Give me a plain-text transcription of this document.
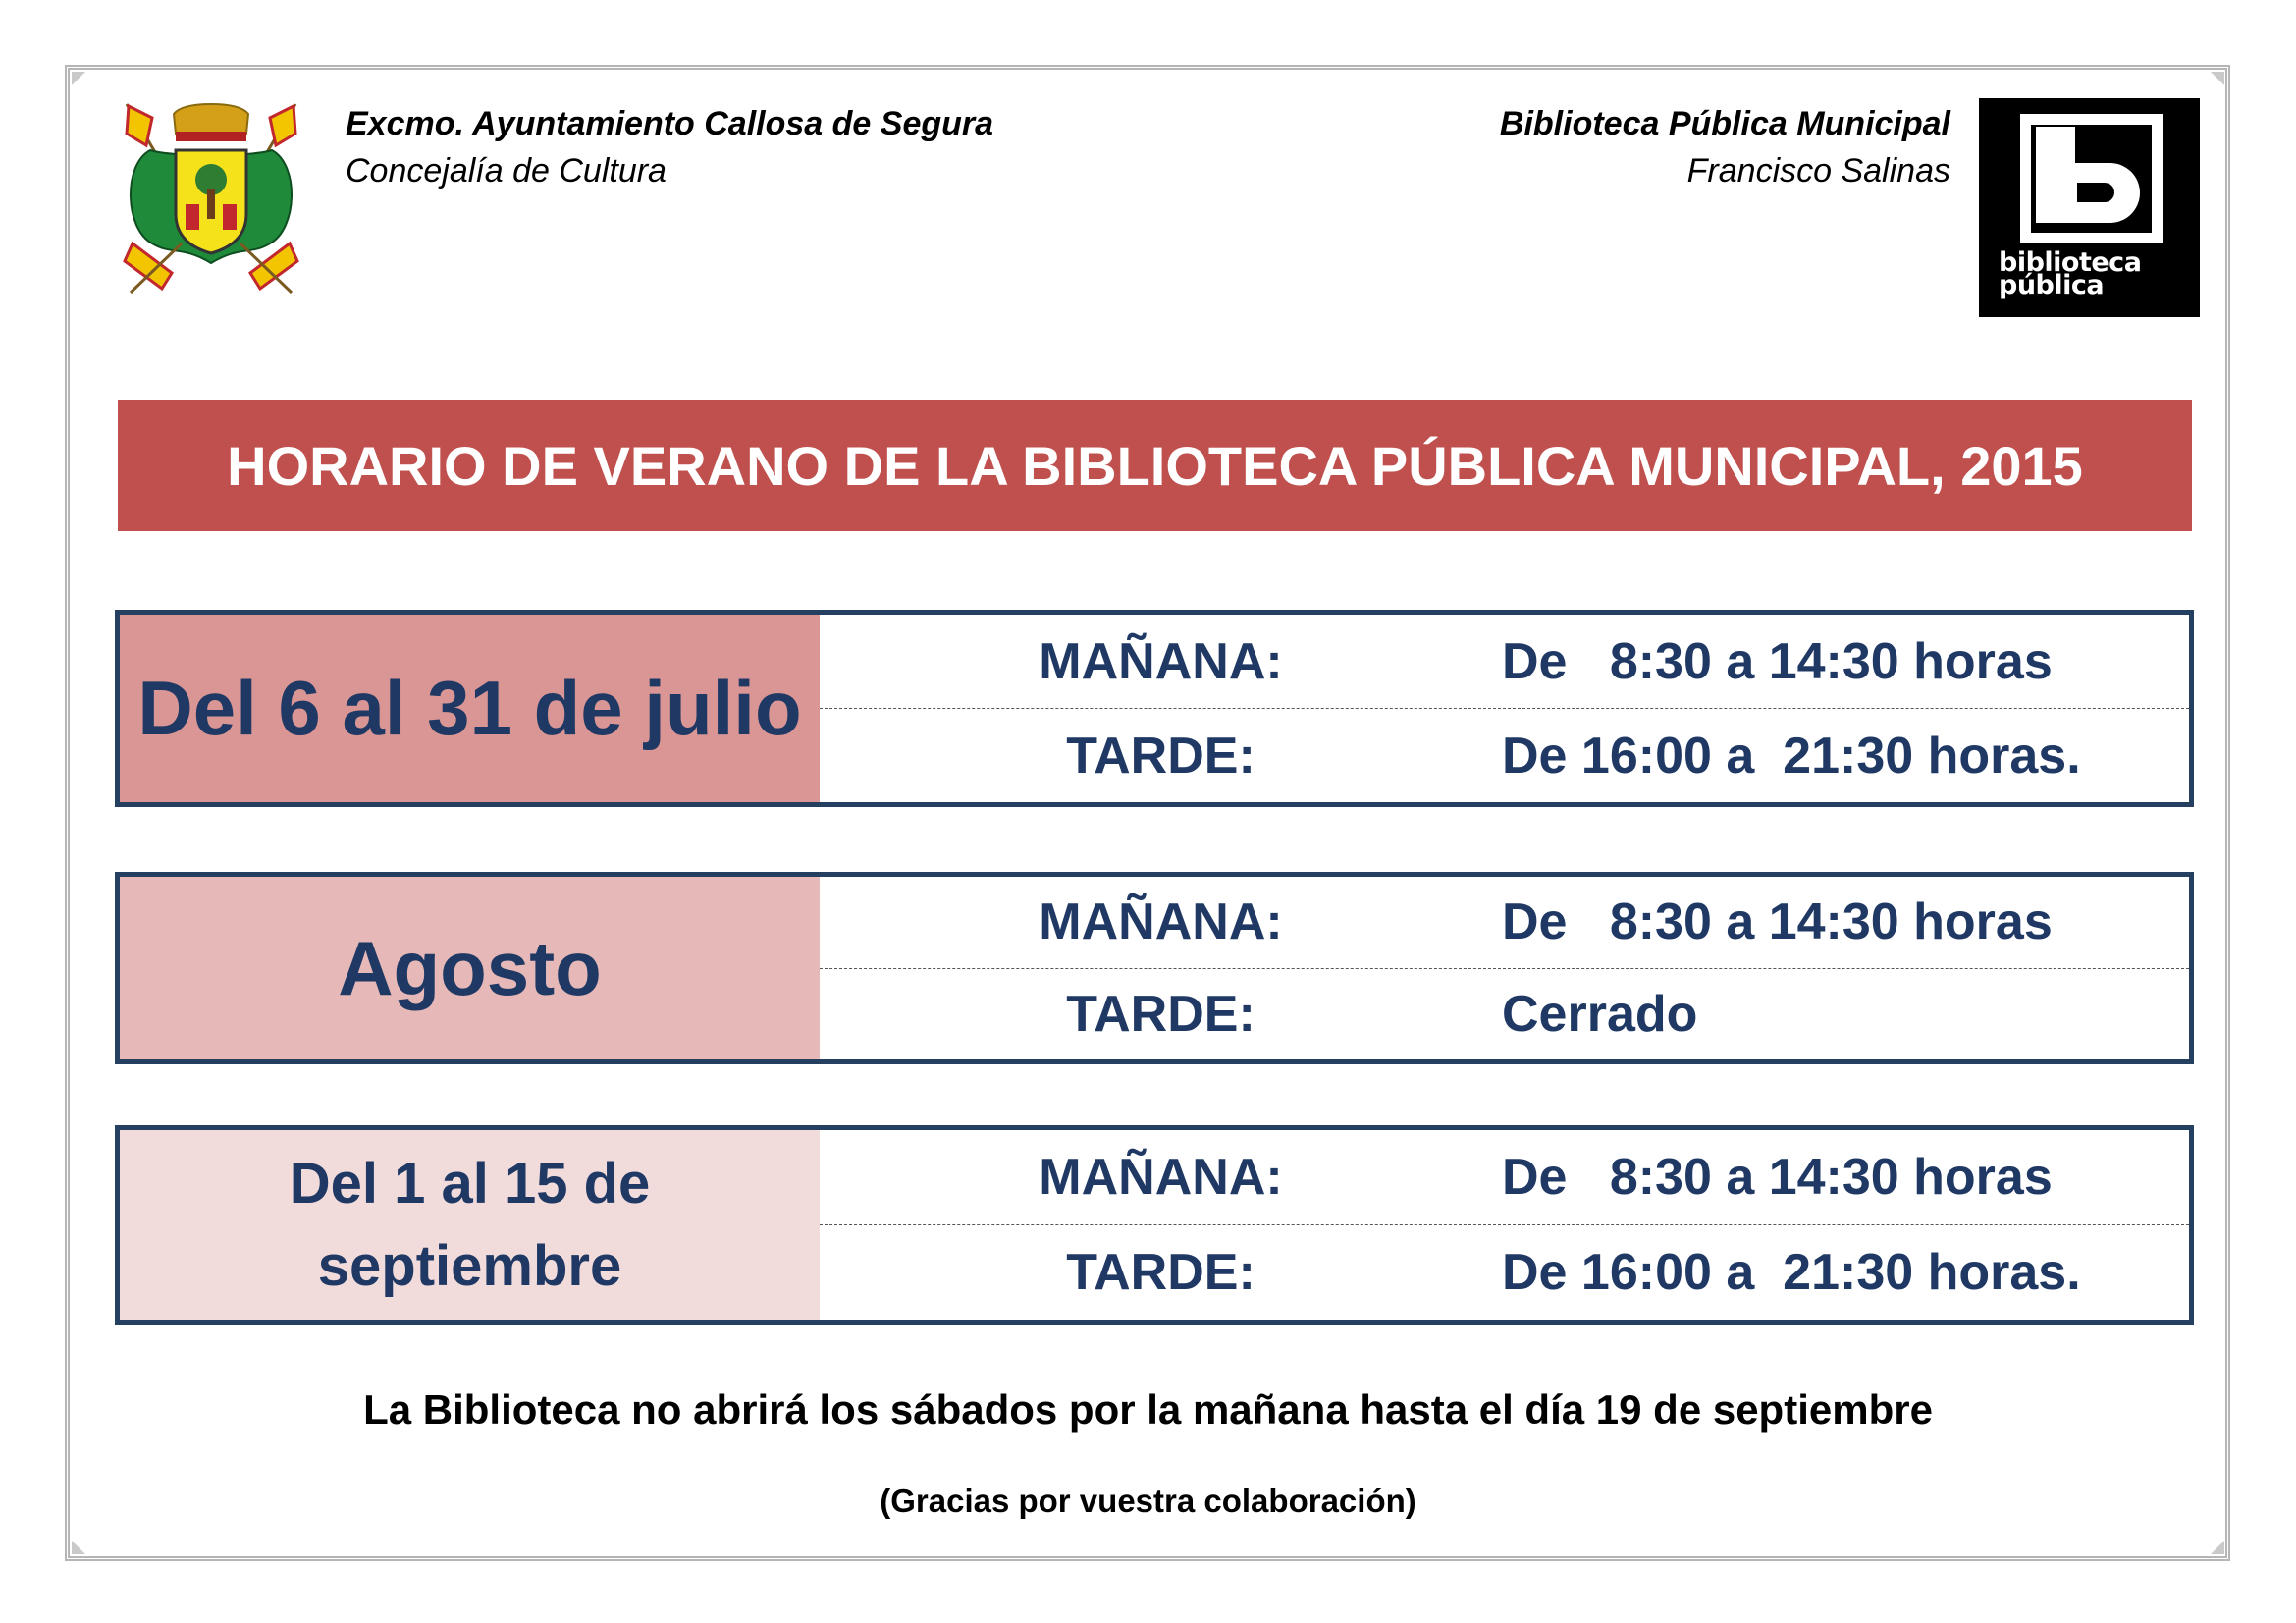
Excmo. Ayuntamiento Callosa de Segura
Concejalía de Cultura
Biblioteca Pública Municipal
Francisco Salinas
biblioteca
pública
HORARIO DE VERANO DE LA BIBLIOTECA PÚBLICA MUNICIPAL, 2015
Del 6 al 31 de julio
MAÑANA:	De   8:30 a 14:30 horas
TARDE:	De 16:00 a  21:30 horas.
Agosto
MAÑANA:	De   8:30 a 14:30 horas
TARDE:	Cerrado
Del 1 al 15 de septiembre
MAÑANA:	De   8:30 a 14:30 horas
TARDE:	De 16:00 a  21:30 horas.
La Biblioteca no abrirá los sábados por la mañana hasta el día 19 de septiembre
(Gracias por vuestra colaboración)
